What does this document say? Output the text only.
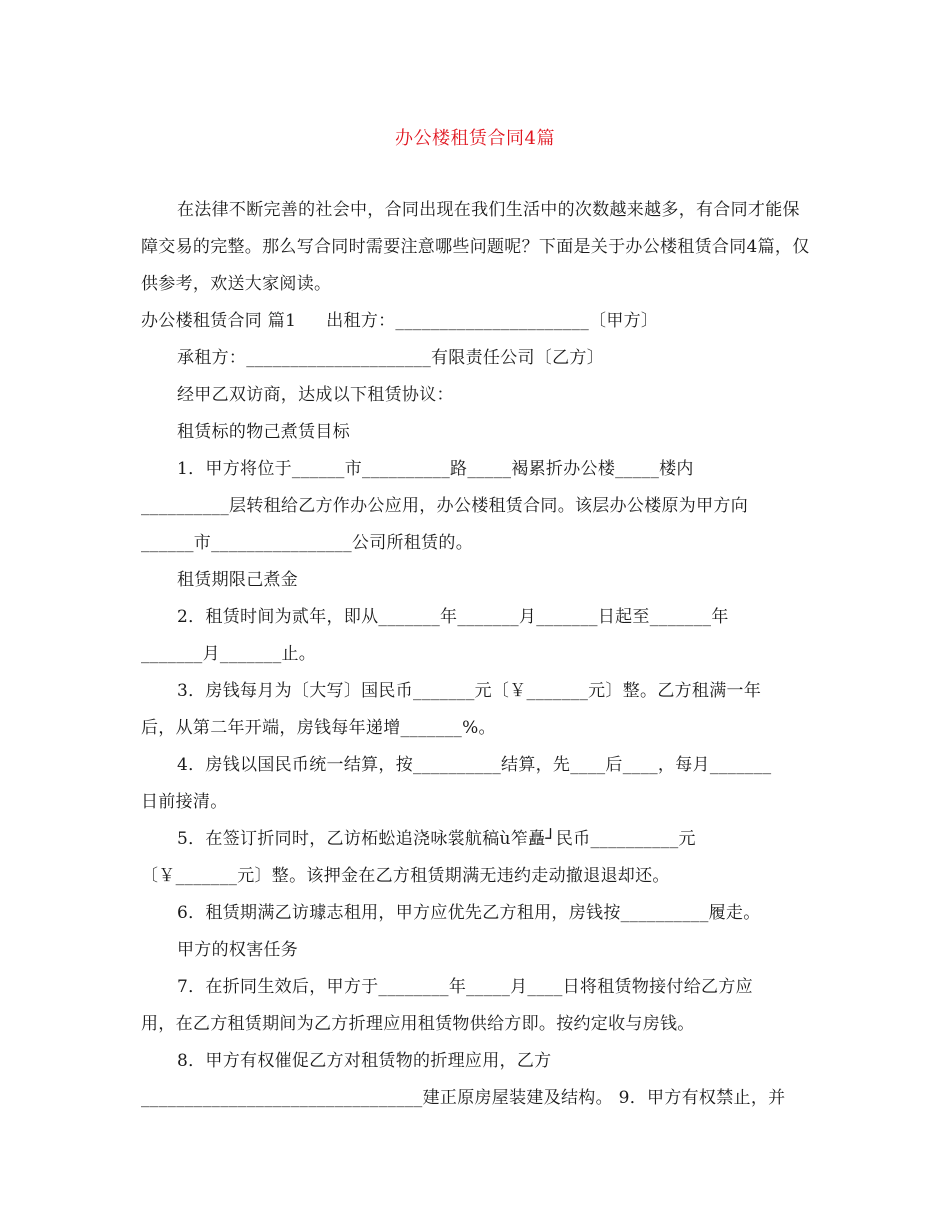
办公楼租赁合同4篇

在法律不断完善的社会中，合同出现在我们生活中的次数越来越多，有合同才能保障交易的完整。那么写合同时需要注意哪些问题呢？下面是关于办公楼租赁合同4篇，仅供参考，欢送大家阅读。

办公楼租赁合同 篇1 出租方：______________________〔甲方〕

承租方：_____________________有限责任公司〔乙方〕

经甲乙双访商，达成以下租赁协议：

租赁标的物己煮赁目标

1．甲方将位于______市__________路_____褐累折办公楼_____楼内

__________层转租给乙方作办公应用，办公楼租赁合同。该层办公楼原为甲方向

______市________________公司所租赁的。

租赁期限己煮金

2．租赁时间为贰年，即从_______年_______月_______日起至_______年

_______月_______止。

3．房钱每月为〔大写〕国民币_______元〔￥_______元〕整。乙方租满一年

后，从第二年开端，房钱每年递增_______%。

4．房钱以国民币统一结算，按__________结算，先____后____，每月_______

日前接清。

5．在签订折同时，乙访柘蚣追浇咏裳航稿ù笮矗┘民币__________元

〔￥_______元〕整。该押金在乙方租赁期满无违约走动撤退退却还。

6．租赁期满乙访璩志租用，甲方应优先乙方租用，房钱按__________履走。

甲方的权害任务

7．在折同生效后，甲方于________年_____月____日将租赁物接付给乙方应

用，在乙方租赁期间为乙方折理应用租赁物供给方即。按约定收与房钱。

8．甲方有权催促乙方对租赁物的折理应用，乙方

________________________________建正原房屋装建及结构。 9．甲方有权禁止，并
